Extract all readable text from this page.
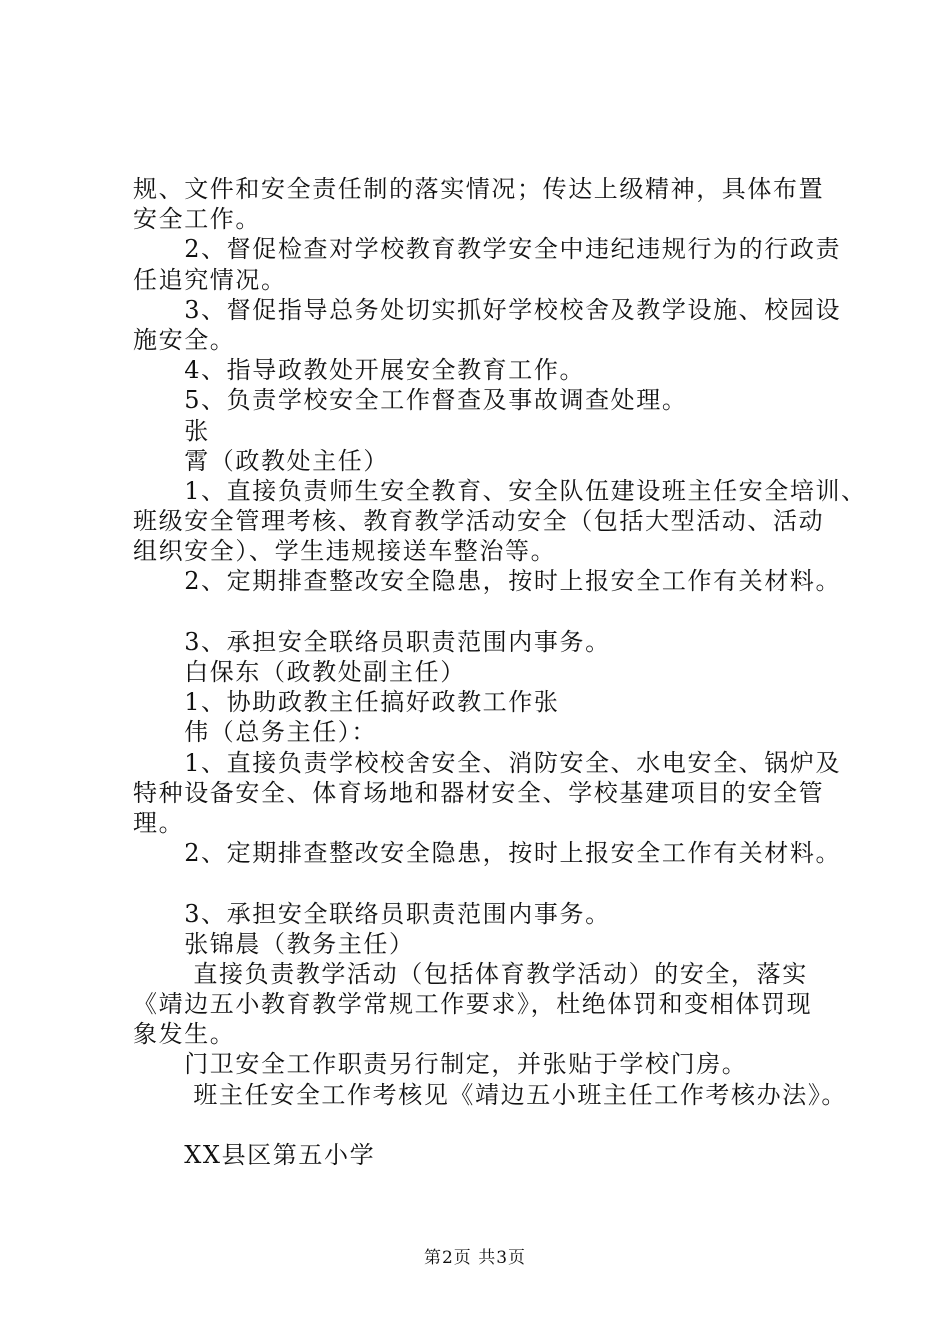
规、文件和安全责任制的落实情况；传达上级精神，具体布置
安全工作。
　　2、督促检查对学校教育教学安全中违纪违规行为的行政责
任追究情况。
　　3、督促指导总务处切实抓好学校校舍及教学设施、校园设
施安全。
　　4、指导政教处开展安全教育工作。
　　5、负责学校安全工作督查及事故调查处理。
　　张
　　霄（政教处主任）
　　1、直接负责师生安全教育、安全队伍建设班主任安全培训、
班级安全管理考核、教育教学活动安全（包括大型活动、活动
组织安全）、学生违规接送车整治等。
　　2、定期排查整改安全隐患，按时上报安全工作有关材料。
　　3、承担安全联络员职责范围内事务。
　　白保东（政教处副主任）
　　1、协助政教主任搞好政教工作张
　　伟（总务主任）：
　　1、直接负责学校校舍安全、消防安全、水电安全、锅炉及
特种设备安全、体育场地和器材安全、学校基建项目的安全管
理。
　　2、定期排查整改安全隐患，按时上报安全工作有关材料。
　　3、承担安全联络员职责范围内事务。
　　张锦晨（教务主任）
　　 直接负责教学活动（包括体育教学活动）的安全，落实
《靖边五小教育教学常规工作要求》，杜绝体罚和变相体罚现
象发生。
　　门卫安全工作职责另行制定，并张贴于学校门房。
　　 班主任安全工作考核见《靖边五小班主任工作考核办法》。
　　XX县区第五小学
第2页 共3页
